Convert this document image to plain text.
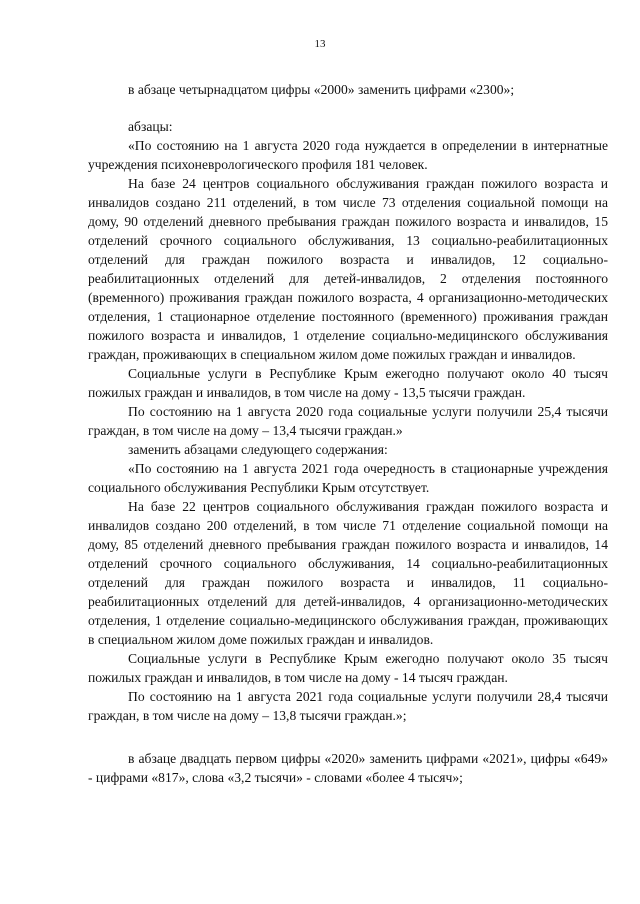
13

в абзаце четырнадцатом цифры «2000» заменить цифрами «2300»;

абзацы:

«По состоянию на 1 августа 2020 года нуждается в определении в интернатные учреждения психоневрологического профиля 181 человек.

На базе 24 центров социального обслуживания граждан пожилого возраста и инвалидов создано 211 отделений, в том числе 73 отделения социальной помощи на дому, 90 отделений дневного пребывания граждан пожилого возраста и инвалидов, 15 отделений срочного социального обслуживания, 13 социально-реабилитационных отделений для граждан пожилого возраста и инвалидов, 12 социально-реабилитационных отделений для детей-инвалидов, 2 отделения постоянного (временного) проживания граждан пожилого возраста, 4 организационно-методических отделения, 1 стационарное отделение постоянного (временного) проживания граждан пожилого возраста и инвалидов, 1 отделение социально-медицинского обслуживания граждан, проживающих в специальном жилом доме пожилых граждан и инвалидов.

Социальные услуги в Республике Крым ежегодно получают около 40 тысяч пожилых граждан и инвалидов, в том числе на дому - 13,5 тысячи граждан.

По состоянию на 1 августа 2020 года социальные услуги получили 25,4 тысячи граждан, в том числе на дому – 13,4 тысячи граждан.»

заменить абзацами следующего содержания:

«По состоянию на 1 августа 2021 года очередность в стационарные учреждения социального обслуживания Республики Крым отсутствует.

На базе 22 центров социального обслуживания граждан пожилого возраста и инвалидов создано 200 отделений, в том числе 71 отделение социальной помощи на дому, 85 отделений дневного пребывания граждан пожилого возраста и инвалидов, 14 отделений срочного социального обслуживания, 14 социально-реабилитационных отделений для граждан пожилого возраста и инвалидов, 11 социально-реабилитационных отделений для детей-инвалидов, 4 организационно-методических отделения, 1 отделение социально-медицинского обслуживания граждан, проживающих в специальном жилом доме пожилых граждан и инвалидов.

Социальные услуги в Республике Крым ежегодно получают около 35 тысяч пожилых граждан и инвалидов, в том числе на дому - 14 тысяч граждан.

По состоянию на 1 августа 2021 года социальные услуги получили 28,4 тысячи граждан, в том числе на дому – 13,8 тысячи граждан.»;

в абзаце двадцать первом цифры «2020» заменить цифрами «2021», цифры «649» - цифрами «817», слова «3,2 тысячи» - словами «более 4 тысяч»;
